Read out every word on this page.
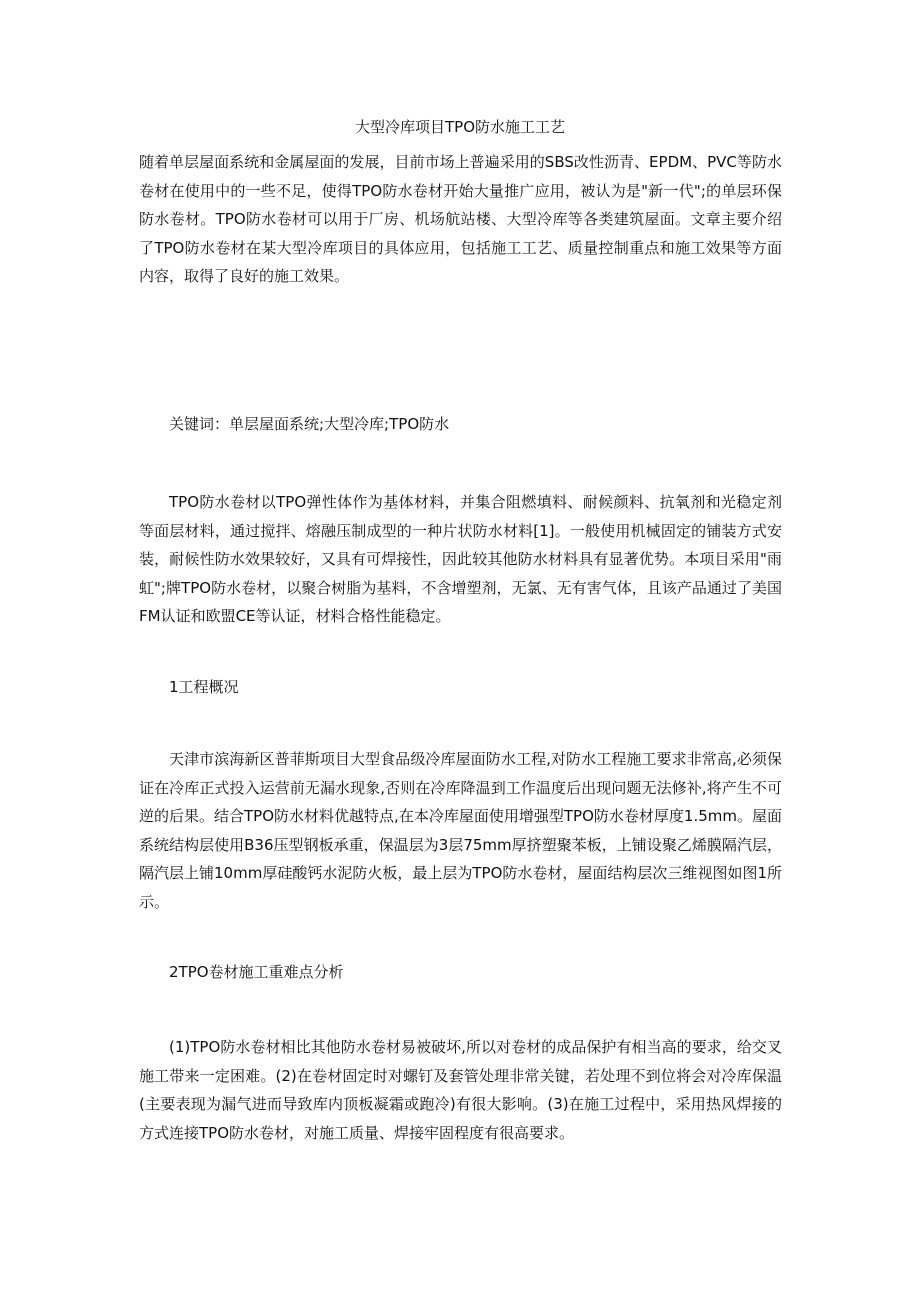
大型冷库项目TPO防水施工工艺

随着单层屋面系统和金属屋面的发展，目前市场上普遍采用的SBS改性沥青、EPDM、PVC等防水卷材在使用中的一些不足，使得TPO防水卷材开始大量推广应用，被认为是"新一代";的单层环保防水卷材。TPO防水卷材可以用于厂房、机场航站楼、大型冷库等各类建筑屋面。文章主要介绍了TPO防水卷材在某大型冷库项目的具体应用，包括施工工艺、质量控制重点和施工效果等方面内容，取得了良好的施工效果。

关键词：单层屋面系统;大型冷库;TPO防水

TPO防水卷材以TPO弹性体作为基体材料，并集合阻燃填料、耐候颜料、抗氧剂和光稳定剂等面层材料，通过搅拌、熔融压制成型的一种片状防水材料[1]。一般使用机械固定的铺装方式安装，耐候性防水效果较好，又具有可焊接性，因此较其他防水材料具有显著优势。本项目采用"雨虹";牌TPO防水卷材，以聚合树脂为基料，不含增塑剂，无氯、无有害气体，且该产品通过了美国FM认证和欧盟CE等认证，材料合格性能稳定。

1工程概况

天津市滨海新区普菲斯项目大型食品级冷库屋面防水工程,对防水工程施工要求非常高,必须保证在冷库正式投入运营前无漏水现象,否则在冷库降温到工作温度后出现问题无法修补,将产生不可逆的后果。结合TPO防水材料优越特点,在本冷库屋面使用增强型TPO防水卷材厚度1.5mm。屋面系统结构层使用B36压型钢板承重，保温层为3层75mm厚挤塑聚苯板，上铺设聚乙烯膜隔汽层，隔汽层上铺10mm厚硅酸钙水泥防火板，最上层为TPO防水卷材，屋面结构层次三维视图如图1所示。

2TPO卷材施工重难点分析

(1)TPO防水卷材相比其他防水卷材易被破坏,所以对卷材的成品保护有相当高的要求，给交叉施工带来一定困难。(2)在卷材固定时对螺钉及套管处理非常关键，若处理不到位将会对冷库保温(主要表现为漏气进而导致库内顶板凝霜或跑冷)有很大影响。(3)在施工过程中，采用热风焊接的方式连接TPO防水卷材，对施工质量、焊接牢固程度有很高要求。
